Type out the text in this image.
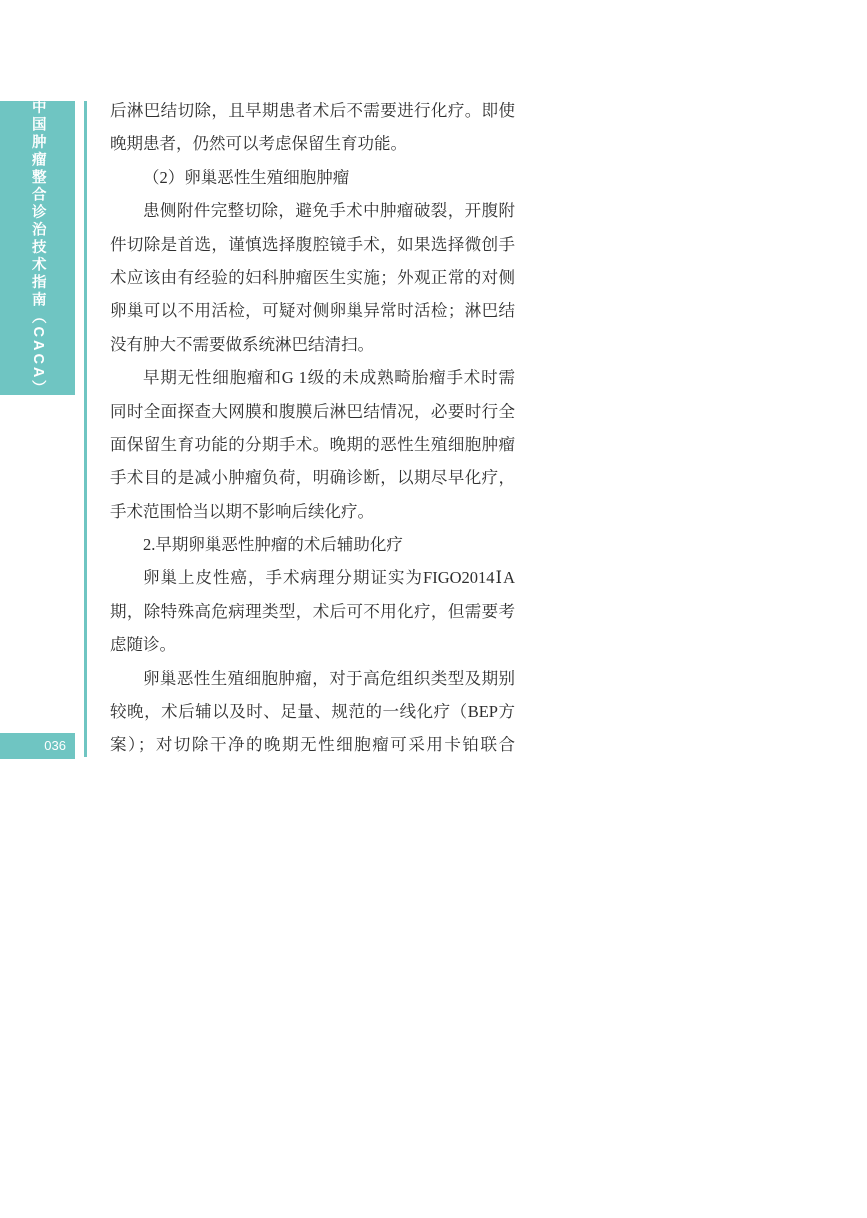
中国肿瘤整合诊治技术指南（CACA）
036
后淋巴结切除，且早期患者术后不需要进行化疗。即使
晚期患者，仍然可以考虑保留生育功能。
（2）卵巢恶性生殖细胞肿瘤
患侧附件完整切除，避免手术中肿瘤破裂，开腹附
件切除是首选，谨慎选择腹腔镜手术，如果选择微创手
术应该由有经验的妇科肿瘤医生实施；外观正常的对侧
卵巢可以不用活检，可疑对侧卵巢异常时活检；淋巴结
没有肿大不需要做系统淋巴结清扫。
早期无性细胞瘤和G 1级的未成熟畸胎瘤手术时需
同时全面探查大网膜和腹膜后淋巴结情况，必要时行全
面保留生育功能的分期手术。晚期的恶性生殖细胞肿瘤
手术目的是减小肿瘤负荷，明确诊断，以期尽早化疗，
手术范围恰当以期不影响后续化疗。
2.早期卵巢恶性肿瘤的术后辅助化疗
卵巢上皮性癌，手术病理分期证实为FIGO2014ⅠA
期，除特殊高危病理类型，术后可不用化疗，但需要考
虑随诊。
卵巢恶性生殖细胞肿瘤，对于高危组织类型及期别
较晚，术后辅以及时、足量、规范的一线化疗（BEP方
案）；对切除干净的晚期无性细胞瘤可采用卡铂联合
